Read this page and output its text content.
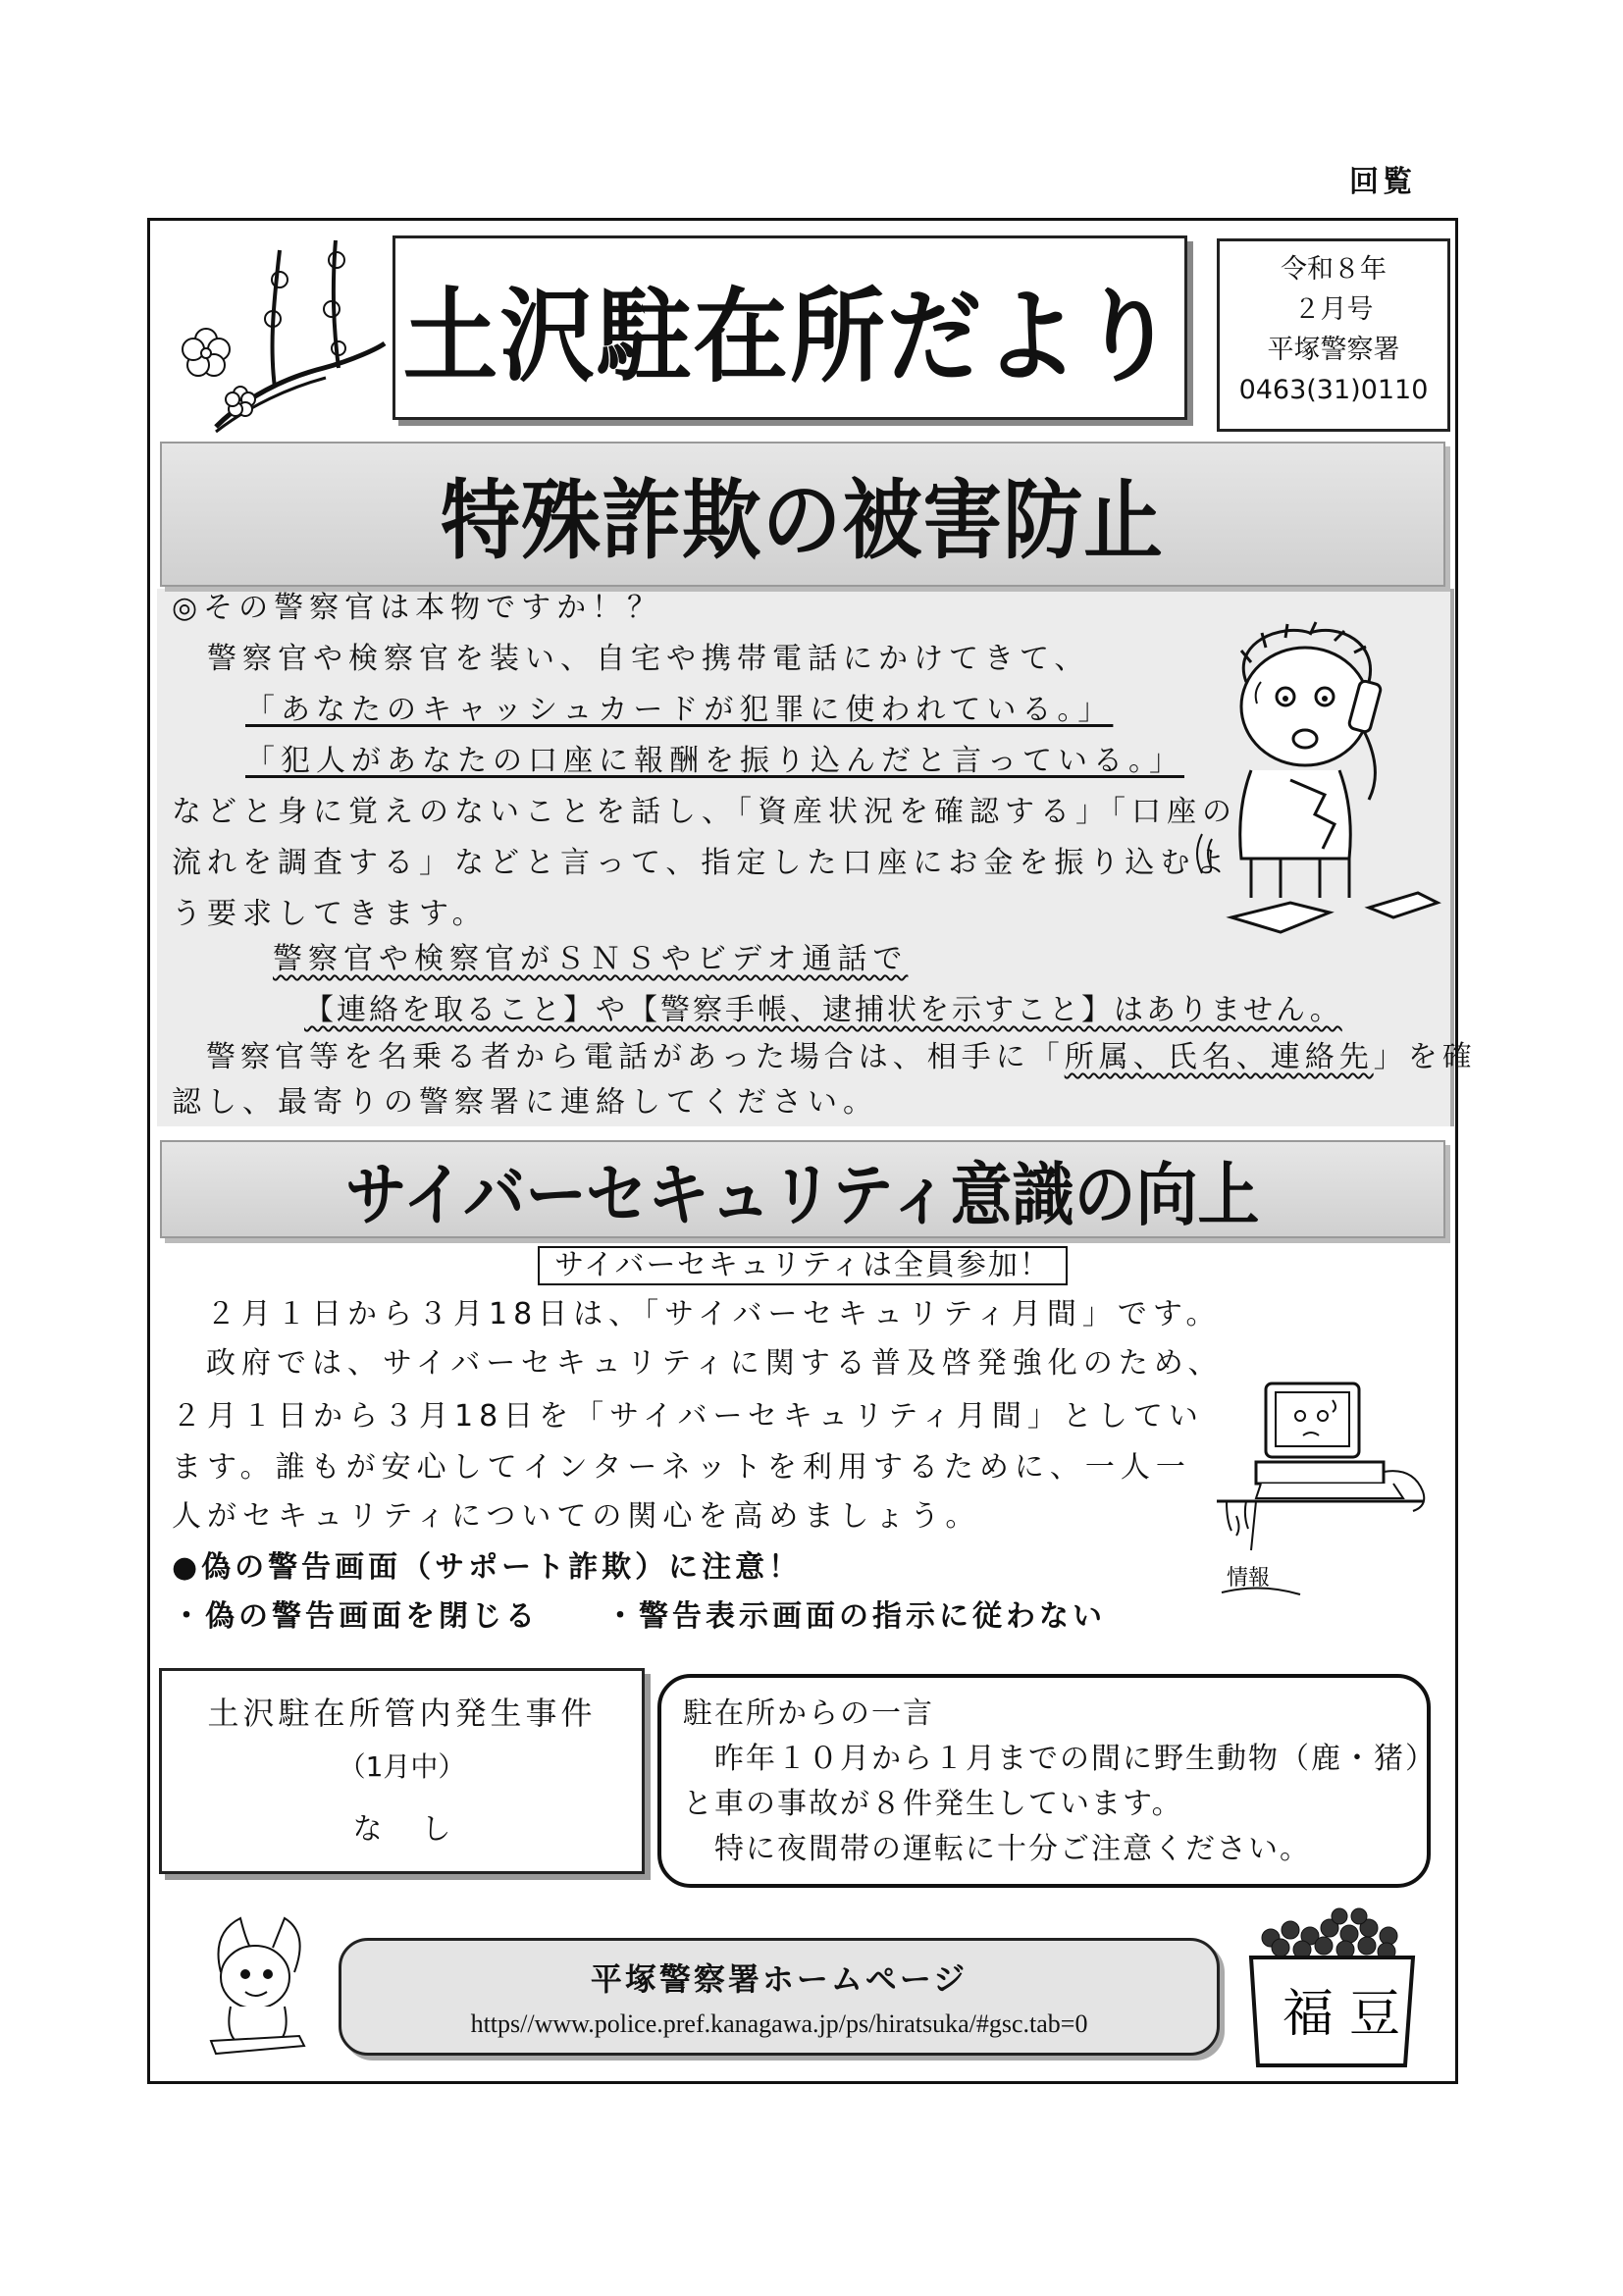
回覧
土沢駐在所だより
令和８年
２月号
平塚警察署
0463(31)0110
特殊詐欺の被害防止
◎その警察官は本物ですか！？
　警察官や検察官を装い、自宅や携帯電話にかけてきて、
「あなたのキャッシュカードが犯罪に使われている。」
「犯人があなたの口座に報酬を振り込んだと言っている。」
などと身に覚えのないことを話し、「資産状況を確認する」「口座の
流れを調査する」などと言って、指定した口座にお金を振り込むよ
う要求してきます。
警察官や検察官がＳＮＳやビデオ通話で
【連絡を取ること】や【警察手帳、逮捕状を示すこと】はありません。
　警察官等を名乗る者から電話があった場合は、相手に「所属、氏名、連絡先」を確
認し、最寄りの警察署に連絡してください。
サイバーセキュリティ意識の向上
サイバーセキュリティは全員参加！
２月１日から３月18日は、「サイバーセキュリティ月間」です。
政府では、サイバーセキュリティに関する普及啓発強化のため、
２月１日から３月18日を「サイバーセキュリティ月間」としてい
ます。誰もが安心してインターネットを利用するために、一人一
人がセキュリティについての関心を高めましょう。
●偽の警告画面（サポート詐欺）に注意！
・偽の警告画面を閉じる　　・警告表示画面の指示に従わない
情報
土沢駐在所管内発生事件
（1月中）
なし
駐在所からの一言
　昨年１０月から１月までの間に野生動物（鹿・猪）
と車の事故が８件発生しています。
　特に夜間帯の運転に十分ご注意ください。
平塚警察署ホームページ
https//www.police.pref.kanagawa.jp/ps/hiratsuka/#gsc.tab=0	福 豆
